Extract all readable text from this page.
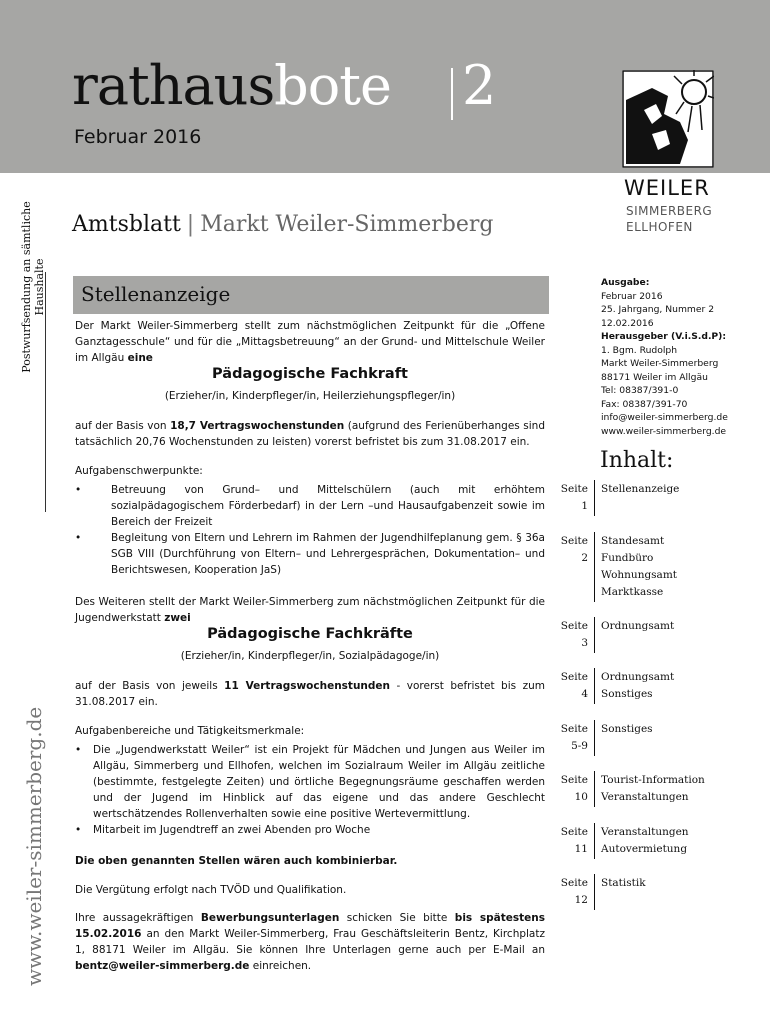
rathausbote 2
Februar 2016
WEILER
SIMMERBERG
ELLHOFEN
Amtsblatt | Markt Weiler-Simmerberg
Postwurfsendung an sämtliche Haushalte
www.weiler-simmerberg.de
Stellenanzeige
Der Markt Weiler-Simmerberg stellt zum nächstmöglichen Zeitpunkt für die „Offene Ganztagesschule“ und für die „Mittagsbetreuung“ an der Grund- und Mittelschule Weiler im Allgäu eine
Pädagogische Fachkraft
(Erzieher/in, Kinderpfleger/in, Heilerziehungspfleger/in)
auf der Basis von 18,7 Vertragswochenstunden (aufgrund des Ferienüberhanges sind tatsächlich 20,76 Wochenstunden zu leisten) vorerst befristet bis zum 31.08.2017 ein.
Aufgabenschwerpunkte:
•	Betreuung von Grund– und Mittelschülern (auch mit erhöhtem sozialpädagogischem Förderbedarf) in der Lern –und Hausaufgabenzeit sowie im Bereich der Freizeit
•	Begleitung von Eltern und Lehrern im Rahmen der Jugendhilfeplanung gem. § 36a SGB VIII (Durchführung von Eltern– und Lehrergesprächen, Dokumentation– und Berichtswesen, Kooperation JaS)
Des Weiteren stellt der Markt Weiler-Simmerberg zum nächstmöglichen Zeitpunkt für die Jugendwerkstatt zwei
Pädagogische Fachkräfte
(Erzieher/in, Kinderpfleger/in, Sozialpädagoge/in)
auf der Basis von jeweils 11 Vertragswochenstunden - vorerst befristet bis zum 31.08.2017 ein.
Aufgabenbereiche und Tätigkeitsmerkmale:
• Die „Jugendwerkstatt Weiler“ ist ein Projekt für Mädchen und Jungen aus Weiler im Allgäu, Simmerberg und Ellhofen, welchen im Sozialraum Weiler im Allgäu zeitliche (bestimmte, festgelegte Zeiten) und örtliche Begegnungsräume geschaffen werden und der Jugend im Hinblick auf das eigene und das andere Geschlecht wertschätzendes Rollenverhalten sowie eine positive Wertevermittlung.
• Mitarbeit im Jugendtreff an zwei Abenden pro Woche
Die oben genannten Stellen wären auch kombinierbar.
Die Vergütung erfolgt nach TVÖD und Qualifikation.
Ihre aussagekräftigen Bewerbungsunterlagen schicken Sie bitte bis spätestens 15.02.2016 an den Markt Weiler-Simmerberg, Frau Geschäftsleiterin Bentz, Kirchplatz 1, 88171 Weiler im Allgäu. Sie können Ihre Unterlagen gerne auch per E-Mail an bentz@weiler-simmerberg.de einreichen.
Ausgabe:
Februar 2016
25. Jahrgang, Nummer 2
12.02.2016
Herausgeber (V.i.S.d.P):
1. Bgm. Rudolph
Markt Weiler-Simmerberg
88171 Weiler im Allgäu
Tel: 08387/391-0
Fax: 08387/391-70
info@weiler-simmerberg.de
www.weiler-simmerberg.de
Inhalt:
Seite
1
Stellenanzeige
Seite
2
Standesamt
Fundbüro
Wohnungsamt
Marktkasse
Seite
3
Ordnungsamt
Seite
4
Ordnungsamt
Sonstiges
Seite
5-9
Sonstiges
Seite
10
Tourist-Information
Veranstaltungen
Seite
11
Veranstaltungen
Autovermietung
Seite
12
Statistik
